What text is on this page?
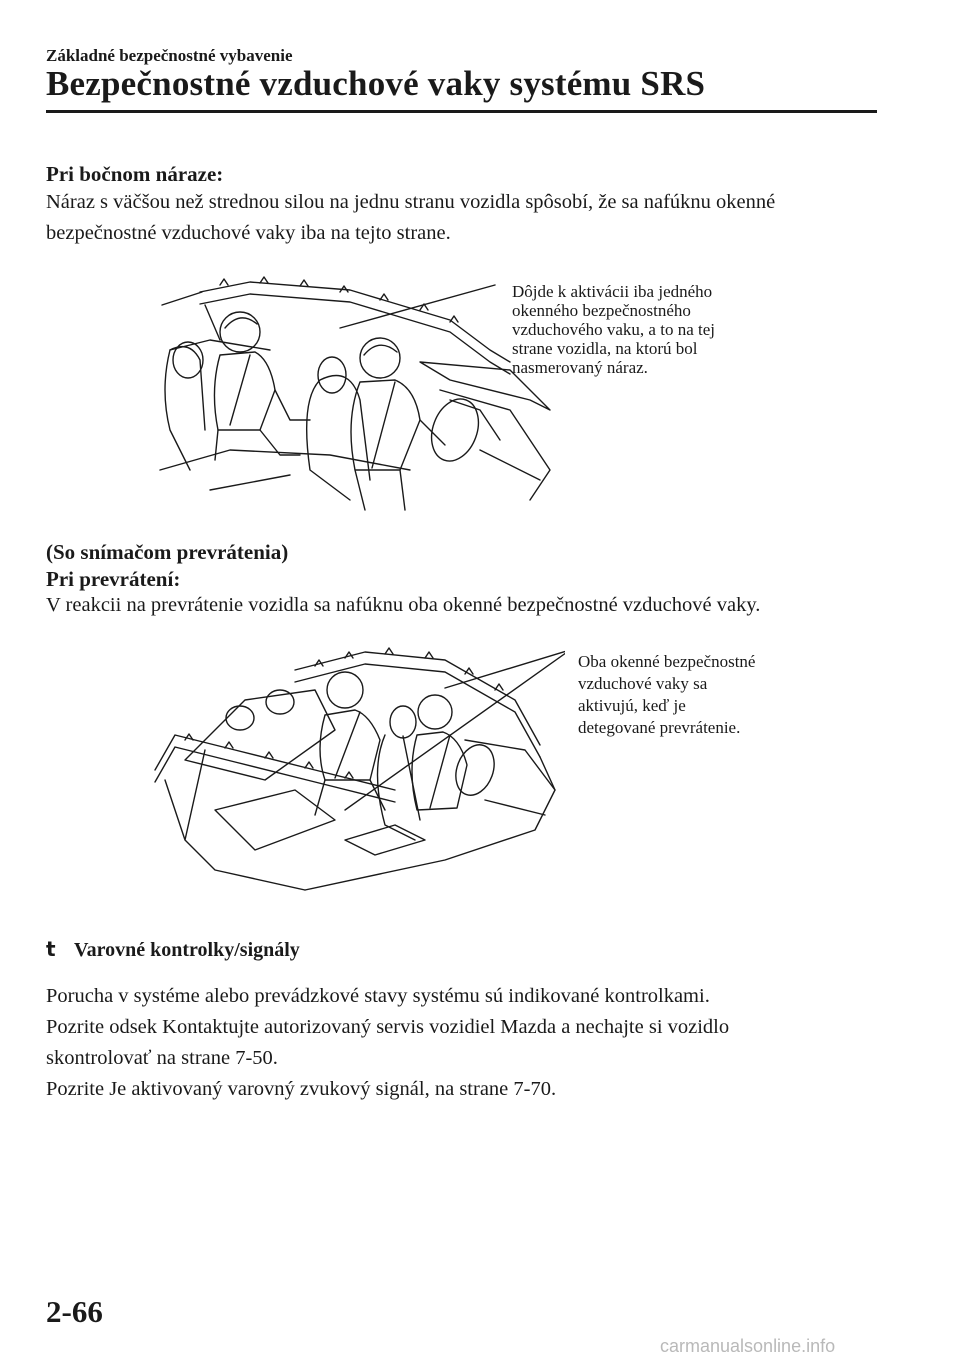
Základné bezpečnostné vybavenie
Bezpečnostné vzduchové vaky systému SRS
Pri bočnom náraze:
Náraz s väčšou než strednou silou na jednu stranu vozidla spôsobí, že sa nafúknu okenné
bezpečnostné vzduchové vaky iba na tejto strane.
Dôjde k aktivácii iba jedného
okenného bezpečnostného
vzduchového vaku, a to na tej
strane vozidla, na ktorú bol
nasmerovaný náraz.
(So snímačom prevrátenia)
Pri prevrátení:
V reakcii na prevrátenie vozidla sa nafúknu oba okenné bezpečnostné vzduchové vaky.
Oba okenné bezpečnostné
vzduchové vaky sa
aktivujú, keď je
detegované prevrátenie.
t Varovné kontrolky/signály
Porucha v systéme alebo prevádzkové stavy systému sú indikované kontrolkami.
Pozrite odsek Kontaktujte autorizovaný servis vozidiel Mazda a nechajte si vozidlo
skontrolovať na strane 7-50.
Pozrite Je aktivovaný varovný zvukový signál, na strane 7-70.
2-66
carmanualsonline.info
